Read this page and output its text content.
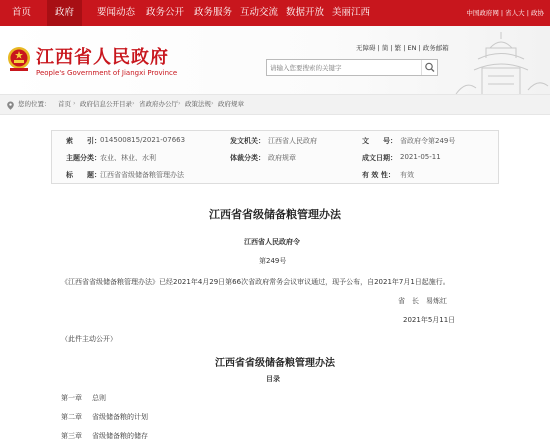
首页	政府	要闻动态 政务公开 政务服务 互动交流 数据开放 美丽江西	中国政府网 | 省人大 | 政协
江西省人民政府
People's Government of Jiangxi Province
无障碍 | 简 | 繁 | EN | 政务邮箱
请输入您要搜索的关键字
您的位置： 首页 › 政府信息公开目录 › 省政府办公厅 › 政策法规 › 政府规章
索　　引： 014500815/2021-07663	发文机关： 江西省人民政府	文　　号： 省政府令第249号
主题分类： 农业、林业、水利	体裁分类： 政府规章	成文日期： 2021-05-11
标　　题： 江西省省级储备粮管理办法	有 效 性： 有效
江西省省级储备粮管理办法
江西省人民政府令
第249号
《江西省省级储备粮管理办法》已经2021年4月29日第66次省政府常务会议审议通过，现予公布，自2021年7月1日起施行。
省　长　易炼红
2021年5月11日
（此件主动公开）
江西省省级储备粮管理办法
目录
第一章 总则
第二章 省级储备粮的计划
第三章 省级储备粮的储存
